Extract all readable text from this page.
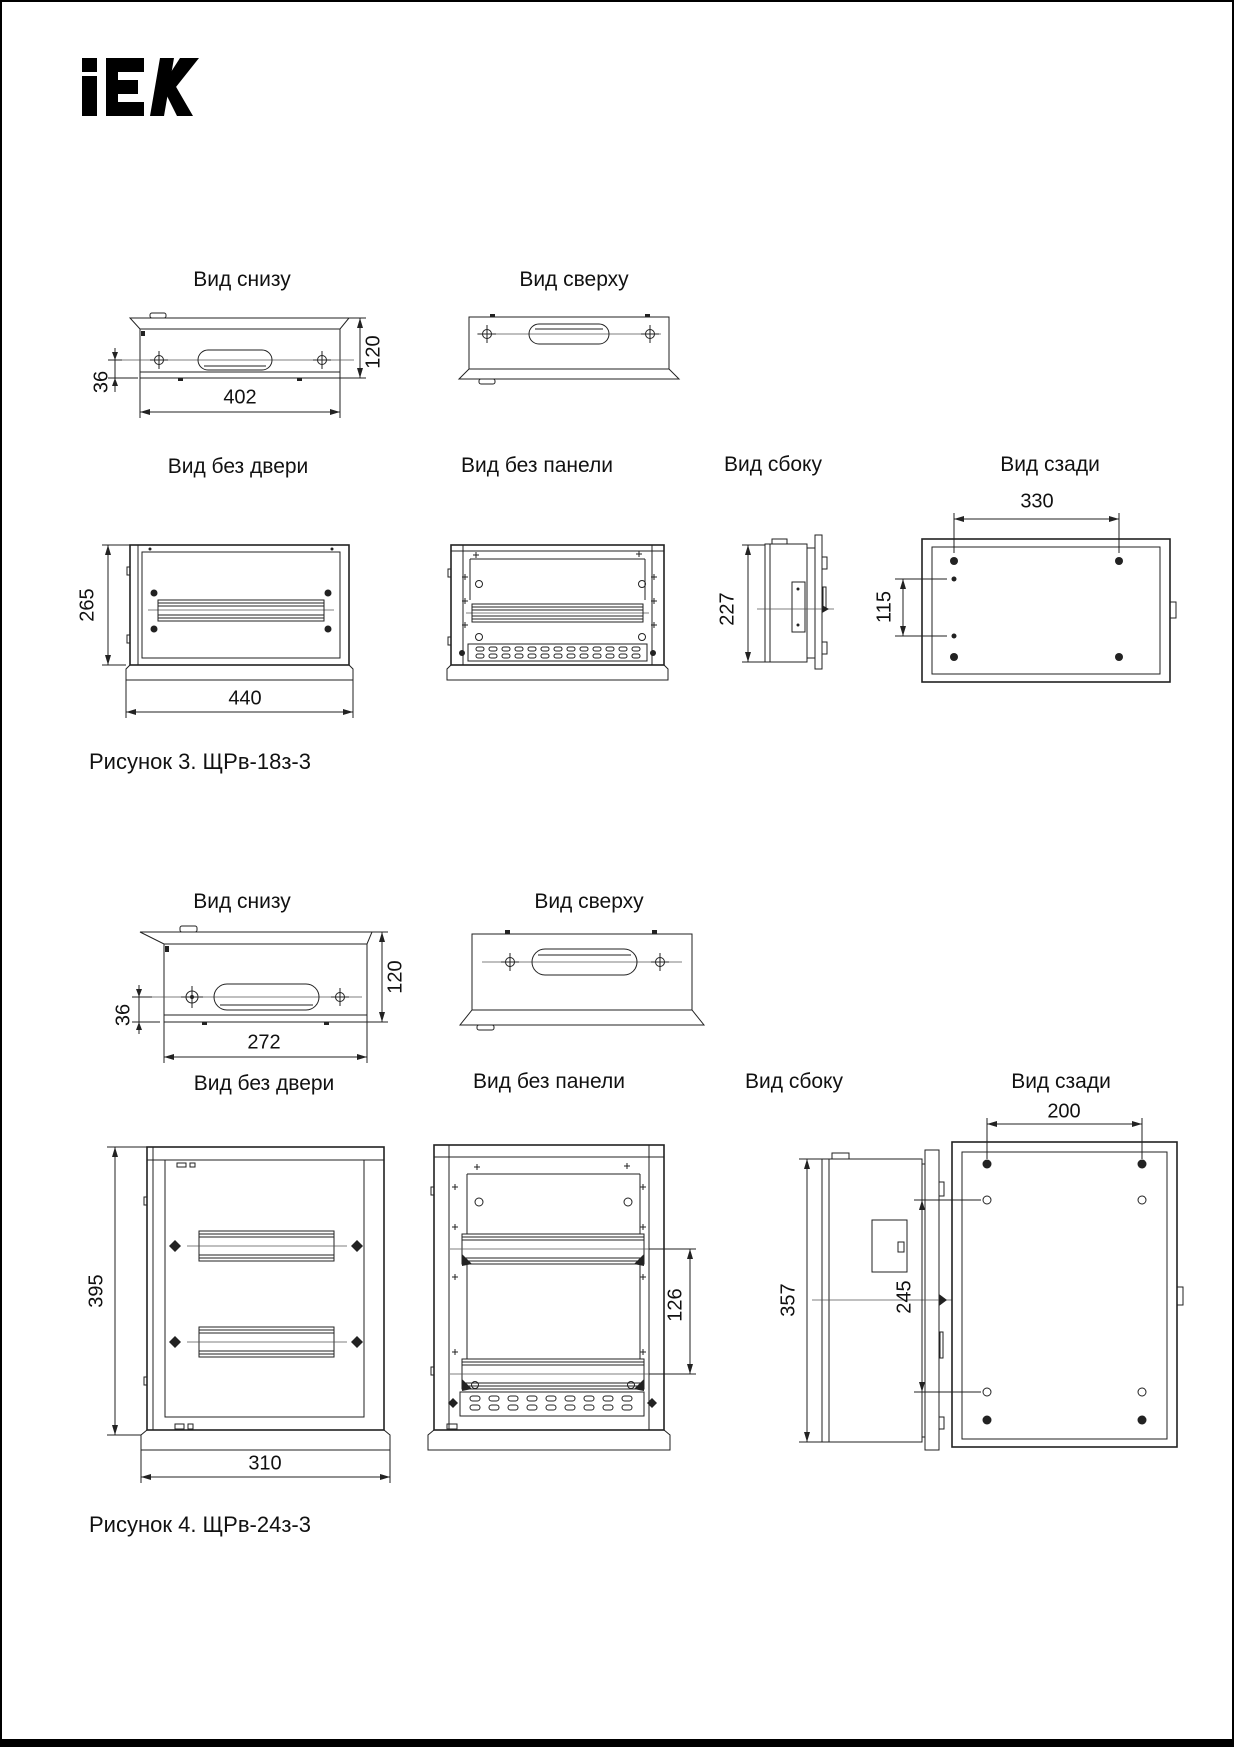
Вид снизу	Вид сверху
36
402
120
Вид без двери	Вид без панели	Вид сбоку	Вид сзади
265
440
227
330
115
Рисунок 3. ЩРв-18з-3
Вид снизу	Вид сверху
36
272
120
Вид без двери	Вид без панели	Вид сбоку	Вид сзади
395
310
126	357
200
245
Рисунок 4. ЩРв-24з-3
